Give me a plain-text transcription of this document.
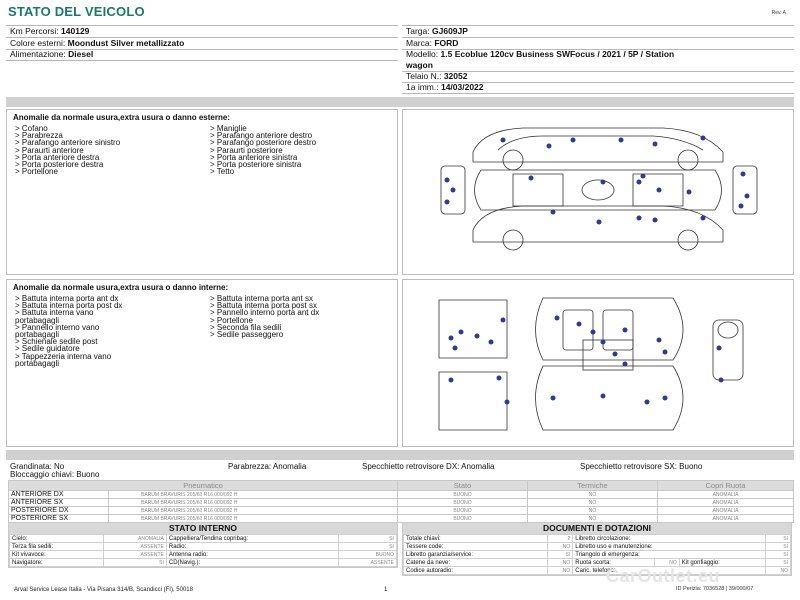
STATO DEL VEICOLO	Rev. A
Km Percorsi: 140129
Colore esterni: Moondust Silver metallizzato
Alimentazione: Diesel
Targa: GJ609JP
Marca: FORD
Modello: 1.5 Ecoblue 120cv Business SWFocus / 2021 / 5P / Station
wagon
Telaio N.: 32052
1a imm.: 14/03/2022
Anomalie da normale usura,extra usura o danno esterne:
> Cofano
> Parabrezza
> Parafango anteriore sinistro
> Paraurti anteriore
> Porta anteriore destra
> Porta posteriore destra
> Portellone
> Maniglie
> Parafango anteriore destro
> Parafango posteriore destro
> Paraurti posteriore
> Porta anteriore sinistra
> Porta posteriore sinistra
> Tetto
Anomalie da normale usura,extra usura o danno interne:
> Battuta interna porta ant dx
> Battuta interna porta post dx
> Battuta interna vano
portabagagli
> Pannello interno vano
portabagagli
> Schienale sedile post
> Sedile guidatore
> Tappezzeria interna vano
portabagagli
> Battuta interna porta ant sx
> Battuta interna porta post sx
> Pannello interno porta ant dx
> Portellone
> Seconda fila sedili
> Sedile passeggero
Grandinata: No	Parabrezza: Anomalia	Specchietto retrovisore DX: Anomalia	Specchietto retrovisore SX: Buono
Bloccaggio chiavi: Buono
Pneumatico		Stato	Termiche	Copri Ruota
ANTERIORE DX	BARUM BRAVURIS 205/60 R16 000/092 H	BUONO	NO	ANOMALIA
ANTERIORE SX	BARUM BRAVURIS 205/60 R16 000/092 H	BUONO	NO	ANOMALIA
POSTERIORE DX	BARUM BRAVURIS 205/60 R16 000/092 H	BUONO	NO	ANOMALIA
POSTERIORE SX	BARUM BRAVURIS 205/60 R16 000/092 H	BUONO	NO	ANOMALIA
STATO INTERNO
Cielo:	ANOMALIA	Cappelliera/Tendina copribag:	SI
Terza fila sedili:	ASSENTE	Radio:	SI
Kit vivavoce:	ASSENTE	Antenna radio:	BUONO
Navigatore:	SI	CD(Navig.):	ASSENTE
DOCUMENTI E DOTAZIONI
Totale chiavi:	2	Libretto circolazione:			SI
Tessere code:	NO	Libretto uso e manutenzione:			SI
Libretto garanzia/service:	SI	Triangolo di emergenza:			SI
Catene da neve:	NO	Ruota scorta:	NO	Kit gonfiaggio:	SI
Codice autoradio:	NO	Caric. telefono:			NO
CarOutlet.eu
Arval Service Lease Italia - Via Pisana 314/B, Scandicci (FI), 50018	1	ID Perizia: 7036528 | 39/000/07
